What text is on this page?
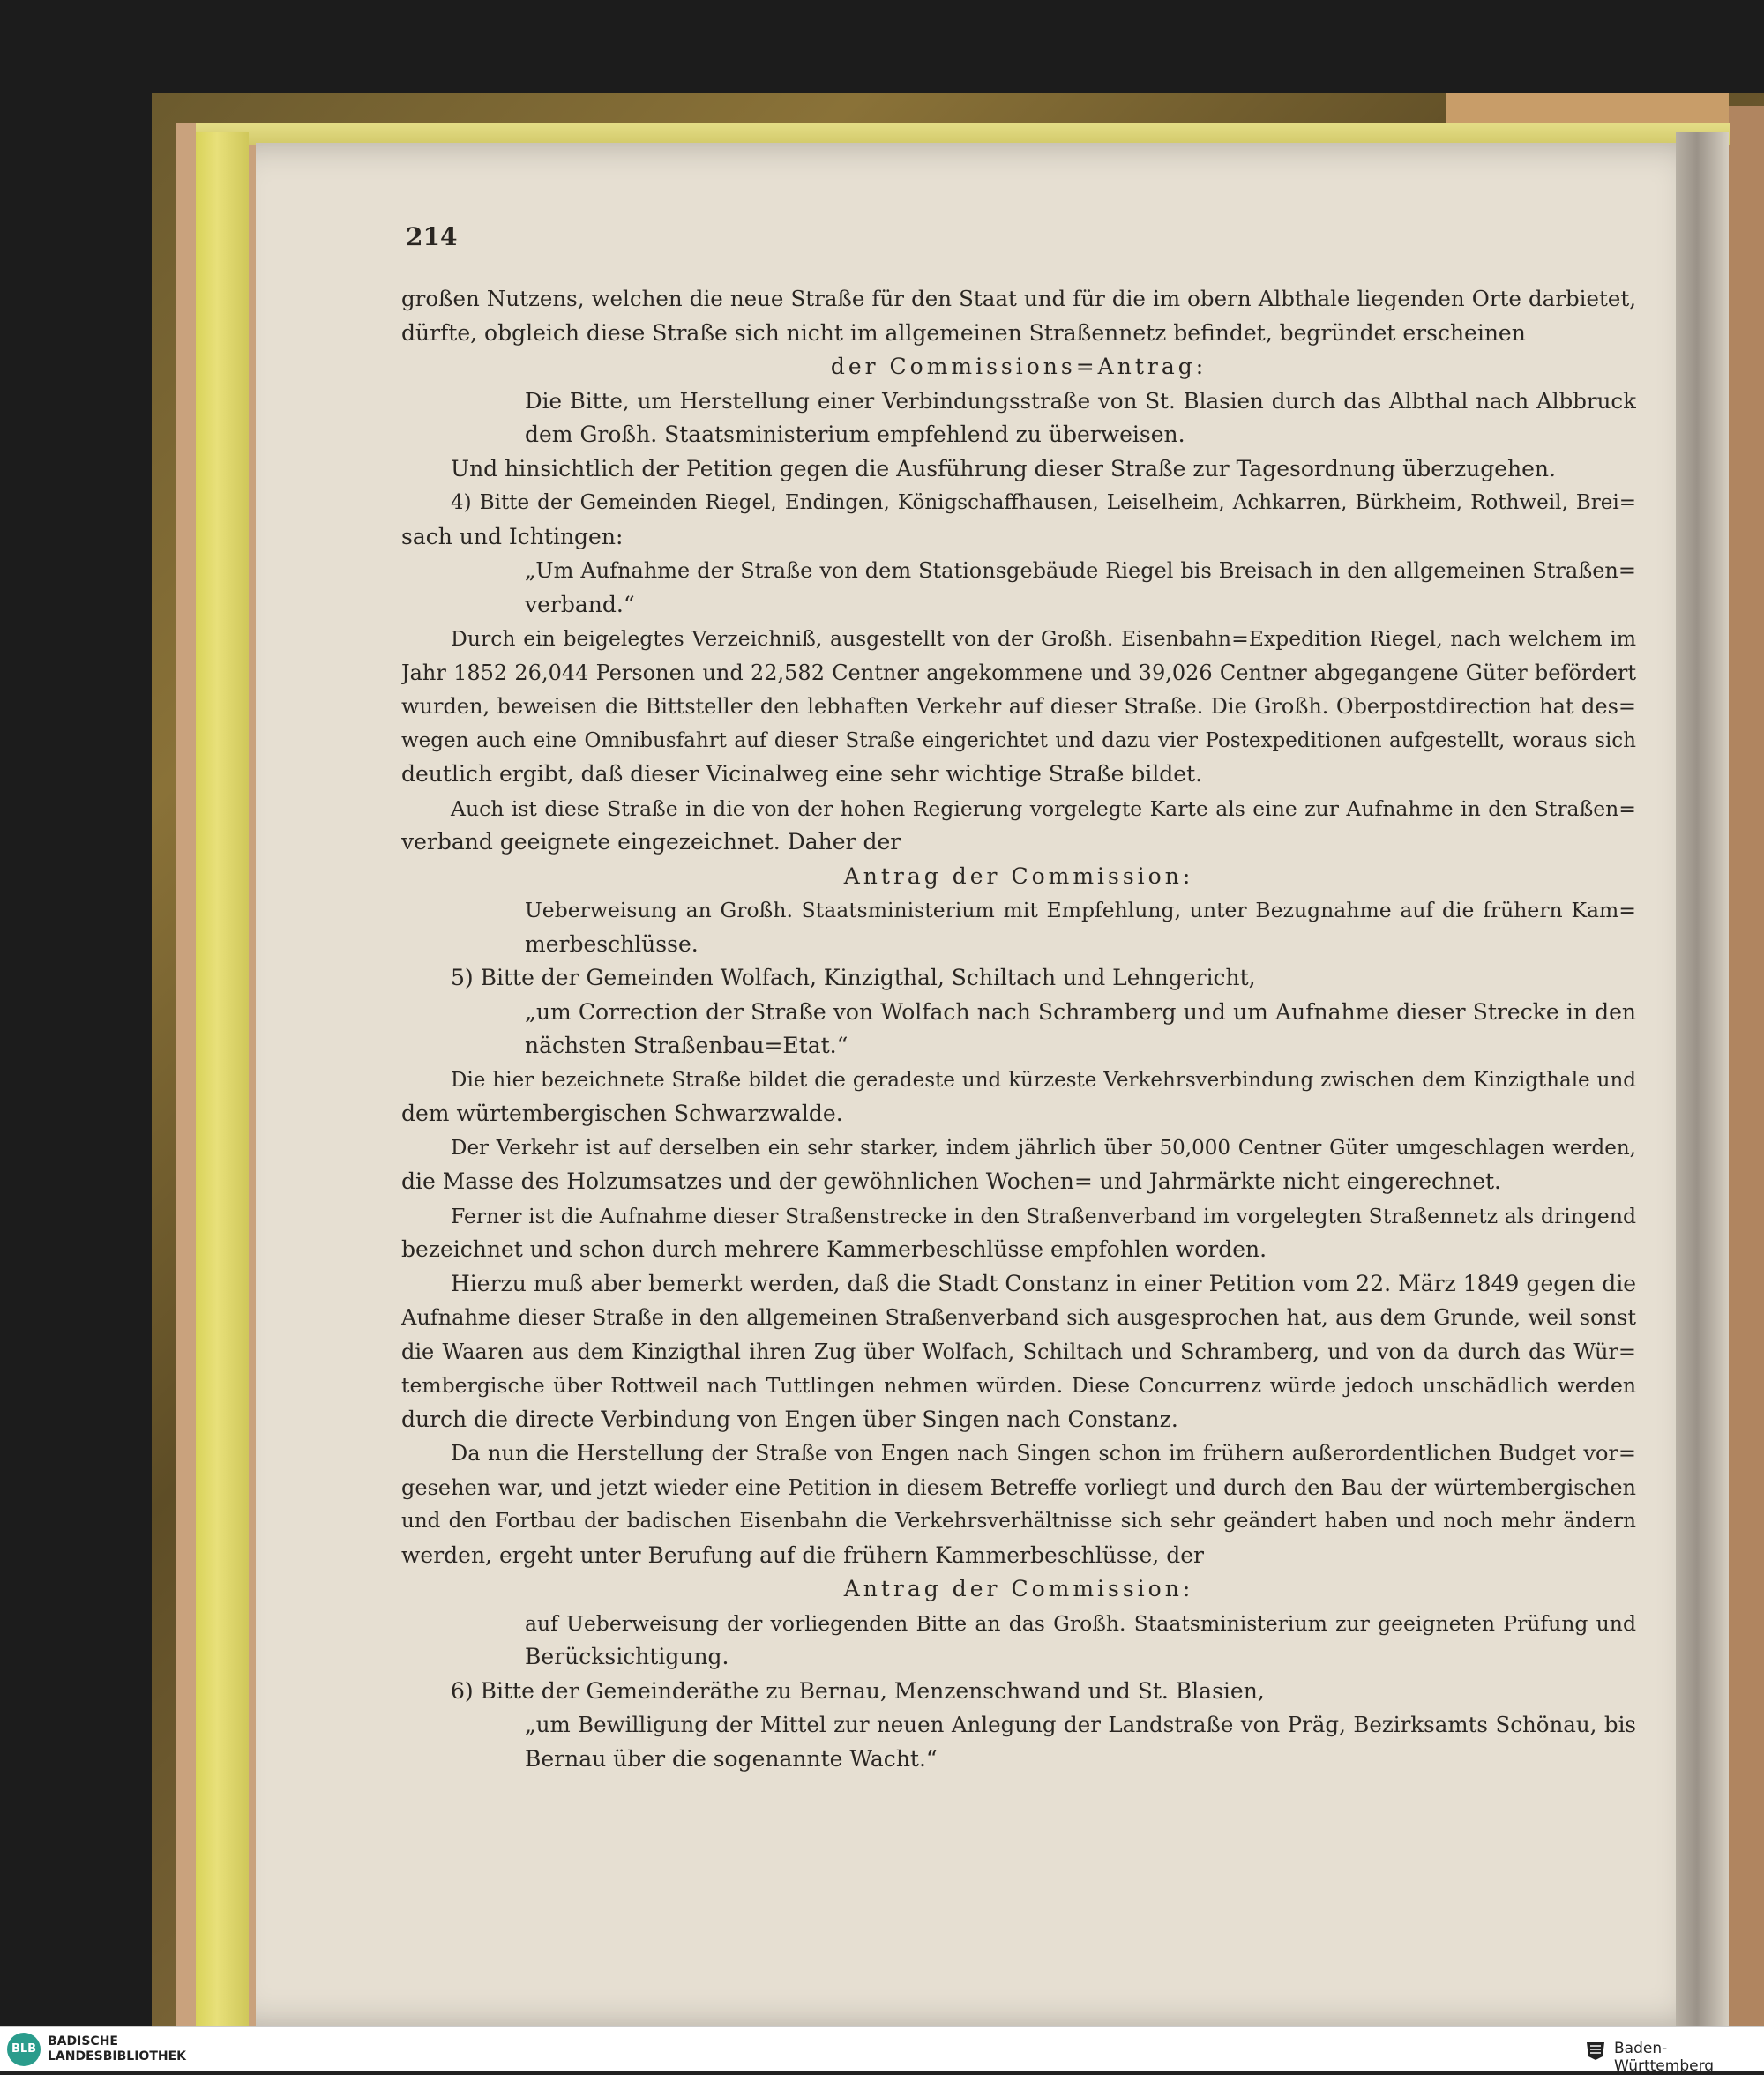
214
großen Nutzens, welchen die neue Straße für den Staat und für die im obern Albthale liegenden Orte darbietet,
dürfte, obgleich diese Straße sich nicht im allgemeinen Straßennetz befindet, begründet erscheinen
der Commissions=Antrag:
Die Bitte, um Herstellung einer Verbindungsstraße von St. Blasien durch das Albthal nach Albbruck
dem Großh. Staatsministerium empfehlend zu überweisen.
Und hinsichtlich der Petition gegen die Ausführung dieser Straße zur Tagesordnung überzugehen.
4) Bitte der Gemeinden Riegel, Endingen, Königschaffhausen, Leiselheim, Achkarren, Bürkheim, Rothweil, Brei=
sach und Ichtingen:
„Um Aufnahme der Straße von dem Stationsgebäude Riegel bis Breisach in den allgemeinen Straßen=
verband.“
Durch ein beigelegtes Verzeichniß, ausgestellt von der Großh. Eisenbahn=Expedition Riegel, nach welchem im
Jahr 1852 26,044 Personen und 22,582 Centner angekommene und 39,026 Centner abgegangene Güter befördert
wurden, beweisen die Bittsteller den lebhaften Verkehr auf dieser Straße. Die Großh. Oberpostdirection hat des=
wegen auch eine Omnibusfahrt auf dieser Straße eingerichtet und dazu vier Postexpeditionen aufgestellt, woraus sich
deutlich ergibt, daß dieser Vicinalweg eine sehr wichtige Straße bildet.
Auch ist diese Straße in die von der hohen Regierung vorgelegte Karte als eine zur Aufnahme in den Straßen=
verband geeignete eingezeichnet. Daher der
Antrag der Commission:
Ueberweisung an Großh. Staatsministerium mit Empfehlung, unter Bezugnahme auf die frühern Kam=
merbeschlüsse.
5) Bitte der Gemeinden Wolfach, Kinzigthal, Schiltach und Lehngericht,
„um Correction der Straße von Wolfach nach Schramberg und um Aufnahme dieser Strecke in den
nächsten Straßenbau=Etat.“
Die hier bezeichnete Straße bildet die geradeste und kürzeste Verkehrsverbindung zwischen dem Kinzigthale und
dem würtembergischen Schwarzwalde.
Der Verkehr ist auf derselben ein sehr starker, indem jährlich über 50,000 Centner Güter umgeschlagen werden,
die Masse des Holzumsatzes und der gewöhnlichen Wochen= und Jahrmärkte nicht eingerechnet.
Ferner ist die Aufnahme dieser Straßenstrecke in den Straßenverband im vorgelegten Straßennetz als dringend
bezeichnet und schon durch mehrere Kammerbeschlüsse empfohlen worden.
Hierzu muß aber bemerkt werden, daß die Stadt Constanz in einer Petition vom 22. März 1849 gegen die
Aufnahme dieser Straße in den allgemeinen Straßenverband sich ausgesprochen hat, aus dem Grunde, weil sonst
die Waaren aus dem Kinzigthal ihren Zug über Wolfach, Schiltach und Schramberg, und von da durch das Wür=
tembergische über Rottweil nach Tuttlingen nehmen würden. Diese Concurrenz würde jedoch unschädlich werden
durch die directe Verbindung von Engen über Singen nach Constanz.
Da nun die Herstellung der Straße von Engen nach Singen schon im frühern außerordentlichen Budget vor=
gesehen war, und jetzt wieder eine Petition in diesem Betreffe vorliegt und durch den Bau der würtembergischen
und den Fortbau der badischen Eisenbahn die Verkehrsverhältnisse sich sehr geändert haben und noch mehr ändern
werden, ergeht unter Berufung auf die frühern Kammerbeschlüsse, der
Antrag der Commission:
auf Ueberweisung der vorliegenden Bitte an das Großh. Staatsministerium zur geeigneten Prüfung und
Berücksichtigung.
6) Bitte der Gemeinderäthe zu Bernau, Menzenschwand und St. Blasien,
„um Bewilligung der Mittel zur neuen Anlegung der Landstraße von Präg, Bezirksamts Schönau, bis
Bernau über die sogenannte Wacht.“
BLB
BADISCHE
LANDESBIBLIOTHEK	Baden-Württemberg
